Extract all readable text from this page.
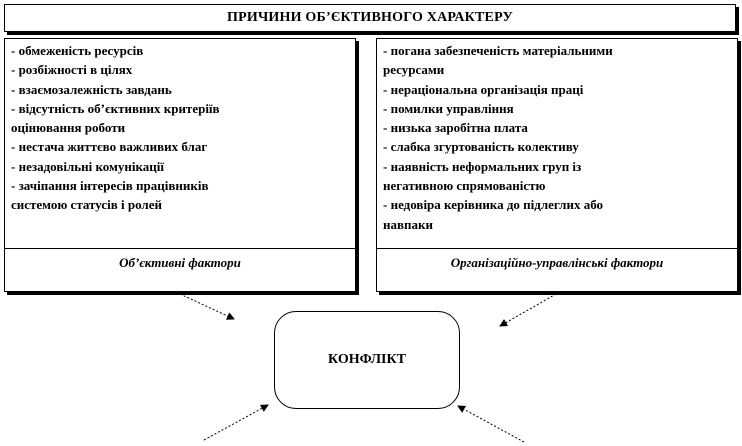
ПРИЧИНИ ОБ’ЄКТИВНОГО ХАРАКТЕРУ
- обмеженість ресурсів
- розбіжності в цілях
- взаємозалежність завдань
- відсутність об’єктивних критеріїв
оцінювання роботи
- нестача життєво важливих благ
- незадовільні комунікації
- зачіпання інтересів працівників
системою статусів і ролей
Об’єктивні фактори
- погана забезпеченість матеріальними
ресурсами
- нераціональна організація праці
- помилки управління
- низька заробітна плата
- слабка згуртованість колективу
- наявність неформальних груп із
негативною спрямованістю
- недовіра керівника до підлеглих або
навпаки
Організаційно-управлінські фактори
КОНФЛІКТ
